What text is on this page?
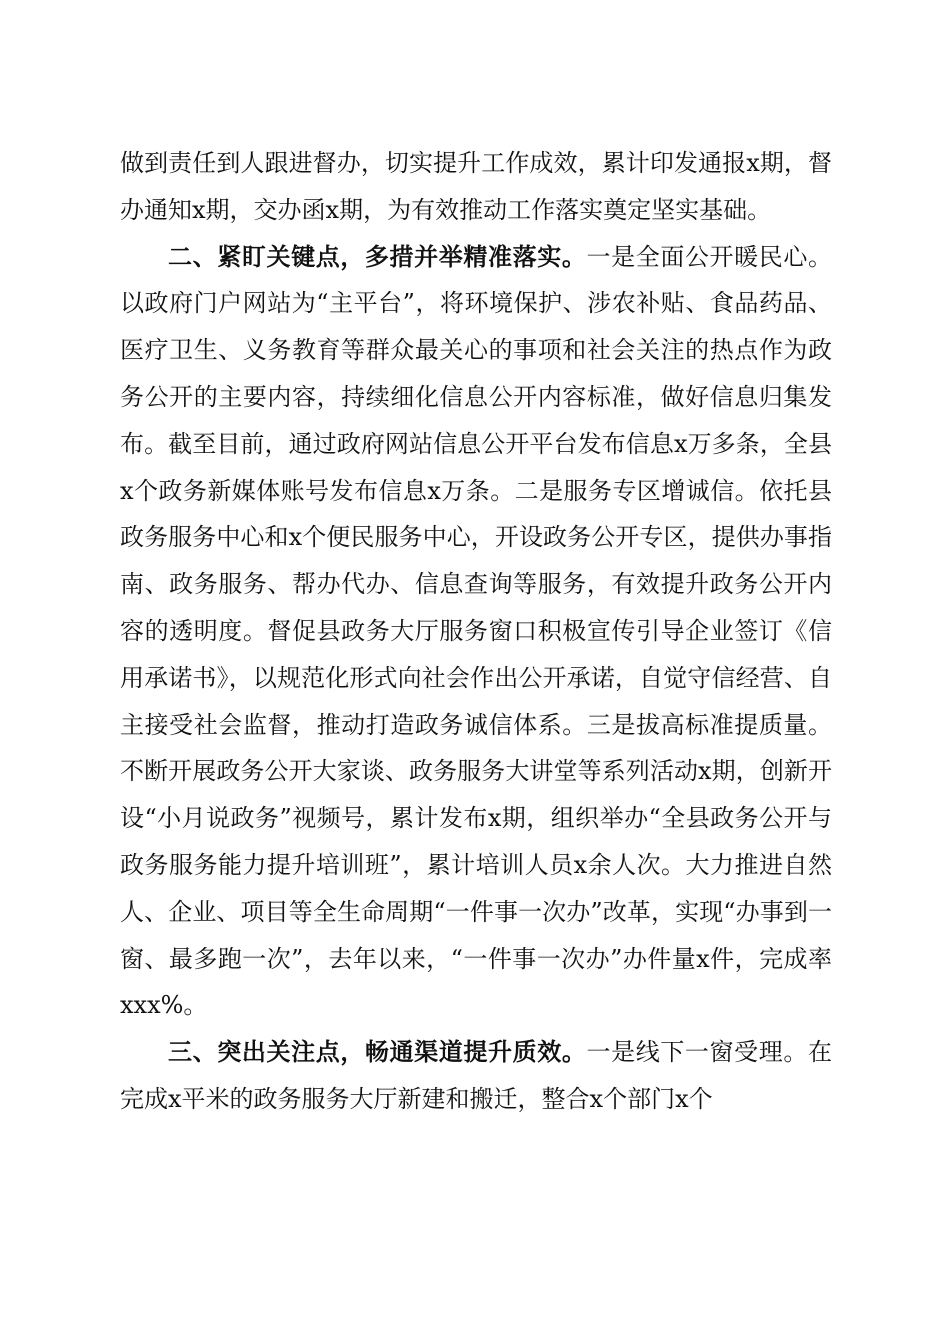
做到责任到人跟进督办，切实提升工作成效，累计印发通报x期，督办通知x期，交办函x期，为有效推动工作落实奠定坚实基础。

二、紧盯关键点，多措并举精准落实。一是全面公开暖民心。以政府门户网站为“主平台”，将环境保护、涉农补贴、食品药品、医疗卫生、义务教育等群众最关心的事项和社会关注的热点作为政务公开的主要内容，持续细化信息公开内容标准，做好信息归集发布。截至目前，通过政府网站信息公开平台发布信息x万多条，全县x个政务新媒体账号发布信息x万条。二是服务专区增诚信。依托县政务服务中心和x个便民服务中心，开设政务公开专区，提供办事指南、政务服务、帮办代办、信息查询等服务，有效提升政务公开内容的透明度。督促县政务大厅服务窗口积极宣传引导企业签订《信用承诺书》，以规范化形式向社会作出公开承诺，自觉守信经营、自主接受社会监督，推动打造政务诚信体系。三是拔高标准提质量。不断开展政务公开大家谈、政务服务大讲堂等系列活动x期，创新开设“小月说政务”视频号，累计发布x期，组织举办“全县政务公开与政务服务能力提升培训班”，累计培训人员x余人次。大力推进自然人、企业、项目等全生命周期“一件事一次办”改革，实现“办事到一窗、最多跑一次”，去年以来，“一件事一次办”办件量x件，完成率xxx%。

三、突出关注点，畅通渠道提升质效。一是线下一窗受理。在完成x平米的政务服务大厅新建和搬迁，整合x个部门x个
